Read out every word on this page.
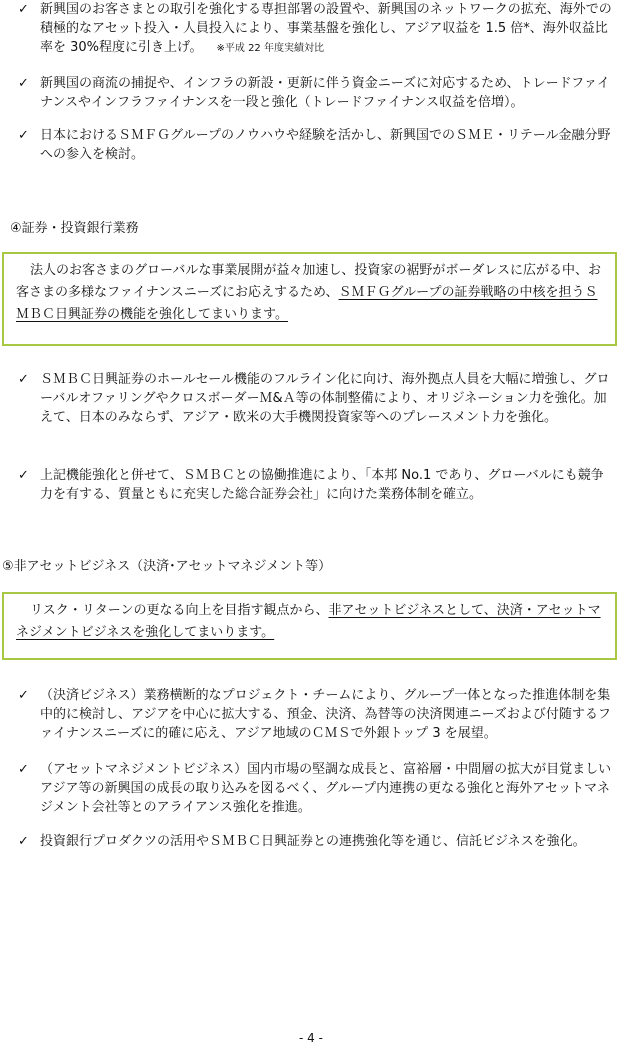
✓ 新興国のお客さまとの取引を強化する専担部署の設置や、新興国のネットワークの拡充、海外での積極的なアセット投入・人員投入により、事業基盤を強化し、アジア収益を 1.5 倍*、海外収益比率を 30%程度に引き上げ。 ※平成 22 年度実績対比
✓ 新興国の商流の捕捉や、インフラの新設・更新に伴う資金ニーズに対応するため、トレードファイナンスやインフラファイナンスを一段と強化（トレードファイナンス収益を倍増）。
✓ 日本におけるＳＭＦＧグループのノウハウや経験を活かし、新興国でのＳＭＥ・リテール金融分野への参入を検討。
④証券・投資銀行業務
法人のお客さまのグローバルな事業展開が益々加速し、投資家の裾野がボーダレスに広がる中、お客さまの多様なファイナンスニーズにお応えするため、ＳＭＦＧグループの証券戦略の中核を担うＳＭＢＣ日興証券の機能を強化してまいります。
✓ ＳＭＢＣ日興証券のホールセール機能のフルライン化に向け、海外拠点人員を大幅に増強し、グローバルオファリングやクロスボーダーＭ&Ａ等の体制整備により、オリジネーション力を強化。加えて、日本のみならず、アジア・欧米の大手機関投資家等へのプレースメント力を強化。
✓ 上記機能強化と併せて、ＳＭＢＣとの協働推進により、「本邦 No.1 であり、グローバルにも競争力を有する、質量ともに充実した総合証券会社」に向けた業務体制を確立。
⑤非アセットビジネス（決済･アセットマネジメント等）
リスク・リターンの更なる向上を目指す観点から、非アセットビジネスとして、決済・アセットマネジメントビジネスを強化してまいります。
✓ （決済ビジネス）業務横断的なプロジェクト・チームにより、グループ一体となった推進体制を集中的に検討し、アジアを中心に拡大する、預金、決済、為替等の決済関連ニーズおよび付随するファイナンスニーズに的確に応え、アジア地域のＣＭＳで外銀トップ 3 を展望。
✓ （アセットマネジメントビジネス）国内市場の堅調な成長と、富裕層・中間層の拡大が目覚ましいアジア等の新興国の成長の取り込みを図るべく、グループ内連携の更なる強化と海外アセットマネジメント会社等とのアライアンス強化を推進。
✓ 投資銀行プロダクツの活用やＳＭＢＣ日興証券との連携強化等を通じ、信託ビジネスを強化。
- 4 -
